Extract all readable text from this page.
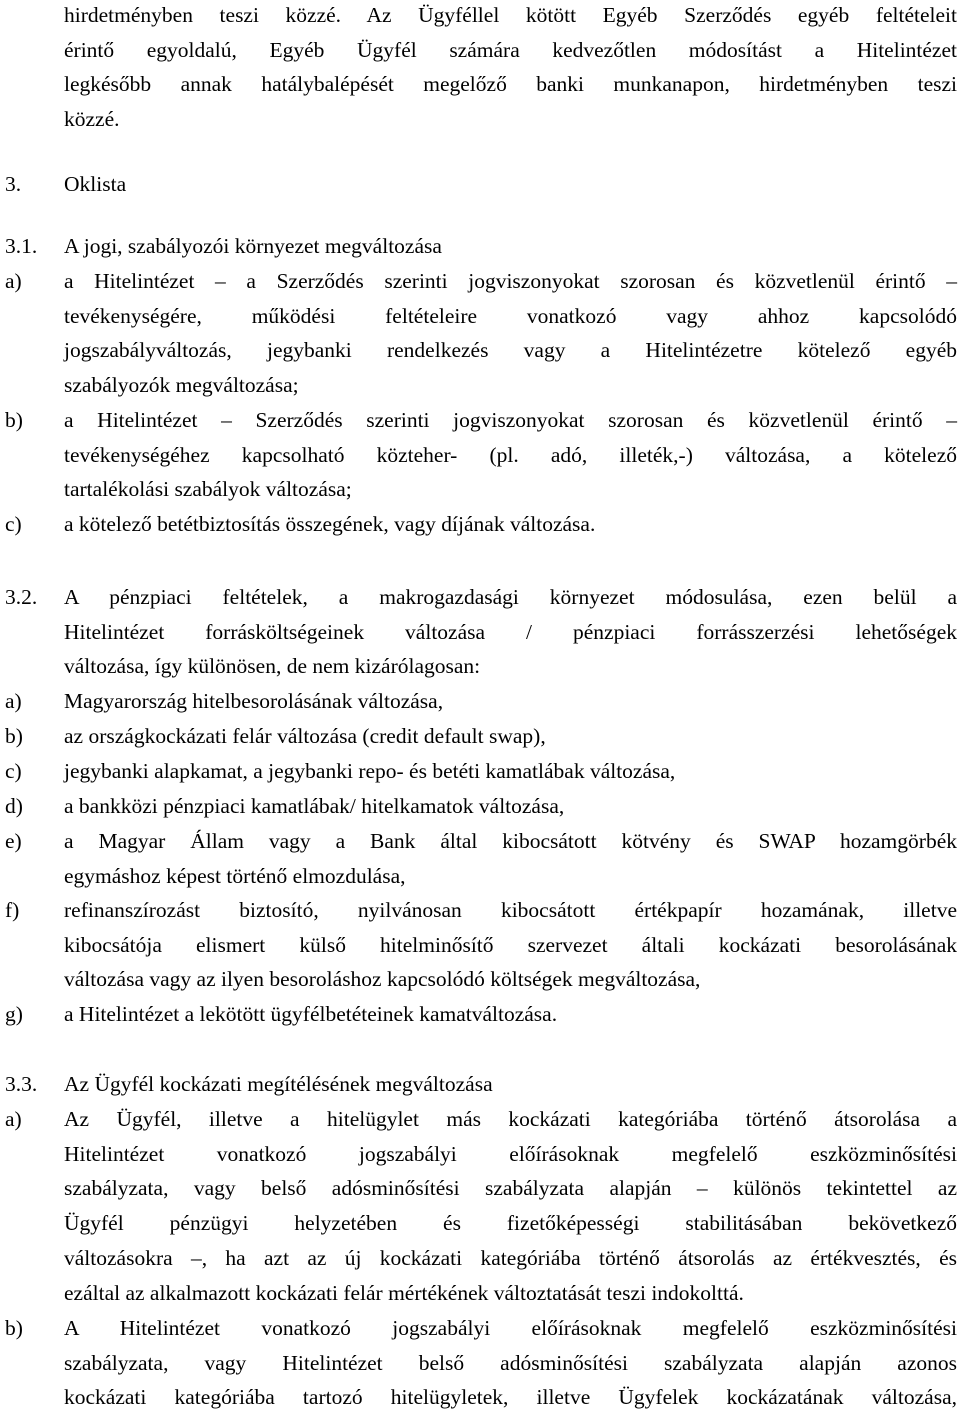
hirdetményben teszi közzé. Az Ügyféllel kötött Egyéb Szerződés egyéb feltételeit
érintő egyoldalú, Egyéb Ügyfél számára kedvezőtlen módosítást a Hitelintézet
legkésőbb annak hatálybalépését megelőző banki munkanapon, hirdetményben teszi
közzé.
3. Oklista
3.1. A jogi, szabályozói környezet megváltozása
a) a Hitelintézet – a Szerződés szerinti jogviszonyokat szorosan és közvetlenül érintő –
tevékenységére, működési feltételeire vonatkozó vagy ahhoz kapcsolódó
jogszabályváltozás, jegybanki rendelkezés vagy a Hitelintézetre kötelező egyéb
szabályozók megváltozása;
b) a Hitelintézet – Szerződés szerinti jogviszonyokat szorosan és közvetlenül érintő –
tevékenységéhez kapcsolható közteher- (pl. adó, illeték,-) változása, a kötelező
tartalékolási szabályok változása;
c) a kötelező betétbiztosítás összegének, vagy díjának változása.
3.2. A pénzpiaci feltételek, a makrogazdasági környezet módosulása, ezen belül a
Hitelintézet forrásköltségeinek változása / pénzpiaci forrásszerzési lehetőségek
változása, így különösen, de nem kizárólagosan:
a) Magyarország hitelbesorolásának változása,
b) az országkockázati felár változása (credit default swap),
c) jegybanki alapkamat, a jegybanki repo- és betéti kamatlábak változása,
d) a bankközi pénzpiaci kamatlábak/ hitelkamatok változása,
e) a Magyar Állam vagy a Bank által kibocsátott kötvény és SWAP hozamgörbék
egymáshoz képest történő elmozdulása,
f) refinanszírozást biztosító, nyilvánosan kibocsátott értékpapír hozamának, illetve
kibocsátója elismert külső hitelminősítő szervezet általi kockázati besorolásának
változása vagy az ilyen besoroláshoz kapcsolódó költségek megváltozása,
g) a Hitelintézet a lekötött ügyfélbetéteinek kamatváltozása.
3.3. Az Ügyfél kockázati megítélésének megváltozása
a) Az Ügyfél, illetve a hitelügylet más kockázati kategóriába történő átsorolása a
Hitelintézet vonatkozó jogszabályi előírásoknak megfelelő eszközminősítési
szabályzata, vagy belső adósminősítési szabályzata alapján – különös tekintettel az
Ügyfél pénzügyi helyzetében és fizetőképességi stabilitásában bekövetkező
változásokra –, ha azt az új kockázati kategóriába történő átsorolás az értékvesztés, és
ezáltal az alkalmazott kockázati felár mértékének változtatását teszi indokolttá.
b) A Hitelintézet vonatkozó jogszabályi előírásoknak megfelelő eszközminősítési
szabályzata, vagy Hitelintézet belső adósminősítési szabályzata alapján azonos
kockázati kategóriába tartozó hitelügyletek, illetve Ügyfelek kockázatának változása,
